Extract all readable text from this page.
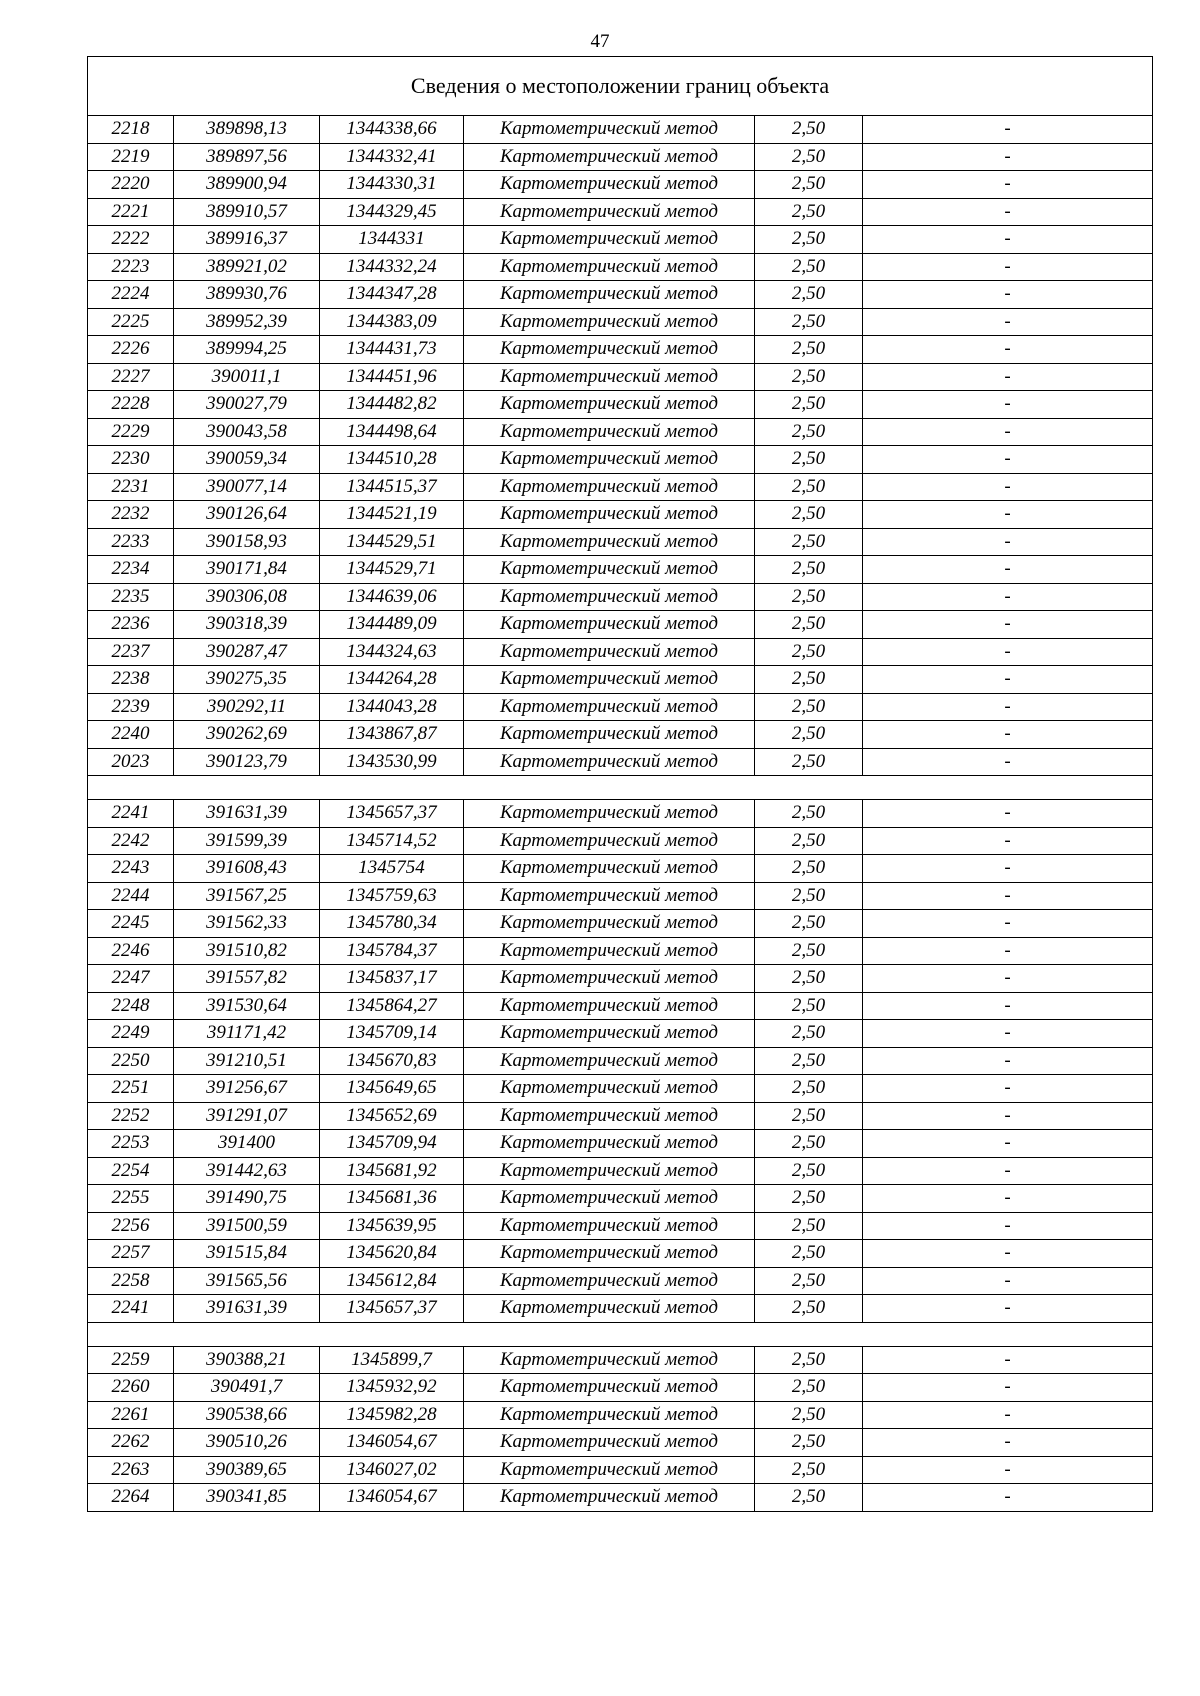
47
Сведения о местоположении границ объекта					
2218	389898,13	1344338,66	Картометрический метод	2,50	-
2219	389897,56	1344332,41	Картометрический метод	2,50	-
2220	389900,94	1344330,31	Картометрический метод	2,50	-
2221	389910,57	1344329,45	Картометрический метод	2,50	-
2222	389916,37	1344331	Картометрический метод	2,50	-
2223	389921,02	1344332,24	Картометрический метод	2,50	-
2224	389930,76	1344347,28	Картометрический метод	2,50	-
2225	389952,39	1344383,09	Картометрический метод	2,50	-
2226	389994,25	1344431,73	Картометрический метод	2,50	-
2227	390011,1	1344451,96	Картометрический метод	2,50	-
2228	390027,79	1344482,82	Картометрический метод	2,50	-
2229	390043,58	1344498,64	Картометрический метод	2,50	-
2230	390059,34	1344510,28	Картометрический метод	2,50	-
2231	390077,14	1344515,37	Картометрический метод	2,50	-
2232	390126,64	1344521,19	Картометрический метод	2,50	-
2233	390158,93	1344529,51	Картометрический метод	2,50	-
2234	390171,84	1344529,71	Картометрический метод	2,50	-
2235	390306,08	1344639,06	Картометрический метод	2,50	-
2236	390318,39	1344489,09	Картометрический метод	2,50	-
2237	390287,47	1344324,63	Картометрический метод	2,50	-
2238	390275,35	1344264,28	Картометрический метод	2,50	-
2239	390292,11	1344043,28	Картометрический метод	2,50	-
2240	390262,69	1343867,87	Картометрический метод	2,50	-
2023	390123,79	1343530,99	Картометрический метод	2,50	-

2241	391631,39	1345657,37	Картометрический метод	2,50	-
2242	391599,39	1345714,52	Картометрический метод	2,50	-
2243	391608,43	1345754	Картометрический метод	2,50	-
2244	391567,25	1345759,63	Картометрический метод	2,50	-
2245	391562,33	1345780,34	Картометрический метод	2,50	-
2246	391510,82	1345784,37	Картометрический метод	2,50	-
2247	391557,82	1345837,17	Картометрический метод	2,50	-
2248	391530,64	1345864,27	Картометрический метод	2,50	-
2249	391171,42	1345709,14	Картометрический метод	2,50	-
2250	391210,51	1345670,83	Картометрический метод	2,50	-
2251	391256,67	1345649,65	Картометрический метод	2,50	-
2252	391291,07	1345652,69	Картометрический метод	2,50	-
2253	391400	1345709,94	Картометрический метод	2,50	-
2254	391442,63	1345681,92	Картометрический метод	2,50	-
2255	391490,75	1345681,36	Картометрический метод	2,50	-
2256	391500,59	1345639,95	Картометрический метод	2,50	-
2257	391515,84	1345620,84	Картометрический метод	2,50	-
2258	391565,56	1345612,84	Картометрический метод	2,50	-
2241	391631,39	1345657,37	Картометрический метод	2,50	-

2259	390388,21	1345899,7	Картометрический метод	2,50	-
2260	390491,7	1345932,92	Картометрический метод	2,50	-
2261	390538,66	1345982,28	Картометрический метод	2,50	-
2262	390510,26	1346054,67	Картометрический метод	2,50	-
2263	390389,65	1346027,02	Картометрический метод	2,50	-
2264	390341,85	1346054,67	Картометрический метод	2,50	-
